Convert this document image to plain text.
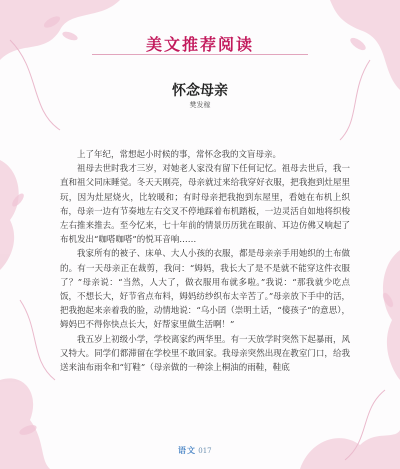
美文推荐阅读
怀念母亲
樊发稼

上了年纪，常想起小时候的事，常怀念我的文盲母亲。

祖母去世时我才三岁，对她老人家没有留下任何记忆。祖母去世后，我一直和祖父同床睡觉。冬天天刚亮，母亲就过来给我穿好衣服，把我抱到灶屋里玩，因为灶屋烧火，比较暖和；有时母亲把我抱到东屋里，看她在布机上织布，母亲一边有节奏地左右交叉不停地踩着布机踏板，一边灵活自如地将织梭左右推来推去。至今忆来，七十年前的情景历历犹在眼前、耳边仿佛又响起了布机发出“咖嗒咖嗒”的悦耳音响……

我家所有的被子、床单、大人小孩的衣服，都是母亲亲手用她织的土布做的。有一天母亲正在裁剪，我问：“姆妈，我长大了是不是就不能穿这件衣服了？”母亲说：“当然，人大了，做衣服用布就多啦。”我说：“那我就少吃点饭，不想长大，好节省点布料，姆妈纺纱织布太辛苦了。”母亲放下手中的活，把我抱起来亲着我的脸，动情地说：“乌小囝（崇明土话，“傻孩子”的意思），姆妈巴不得你快点长大，好帮家里做生活啊！”

我五岁上初级小学，学校离家约两华里。有一天放学时突然下起暴雨，风又特大。同学们都滞留在学校里不敢回家。我母亲突然出现在教室门口，给我送来油布雨伞和“钉鞋”（母亲做的一种涂上桐油的雨鞋，鞋底

语文 017
